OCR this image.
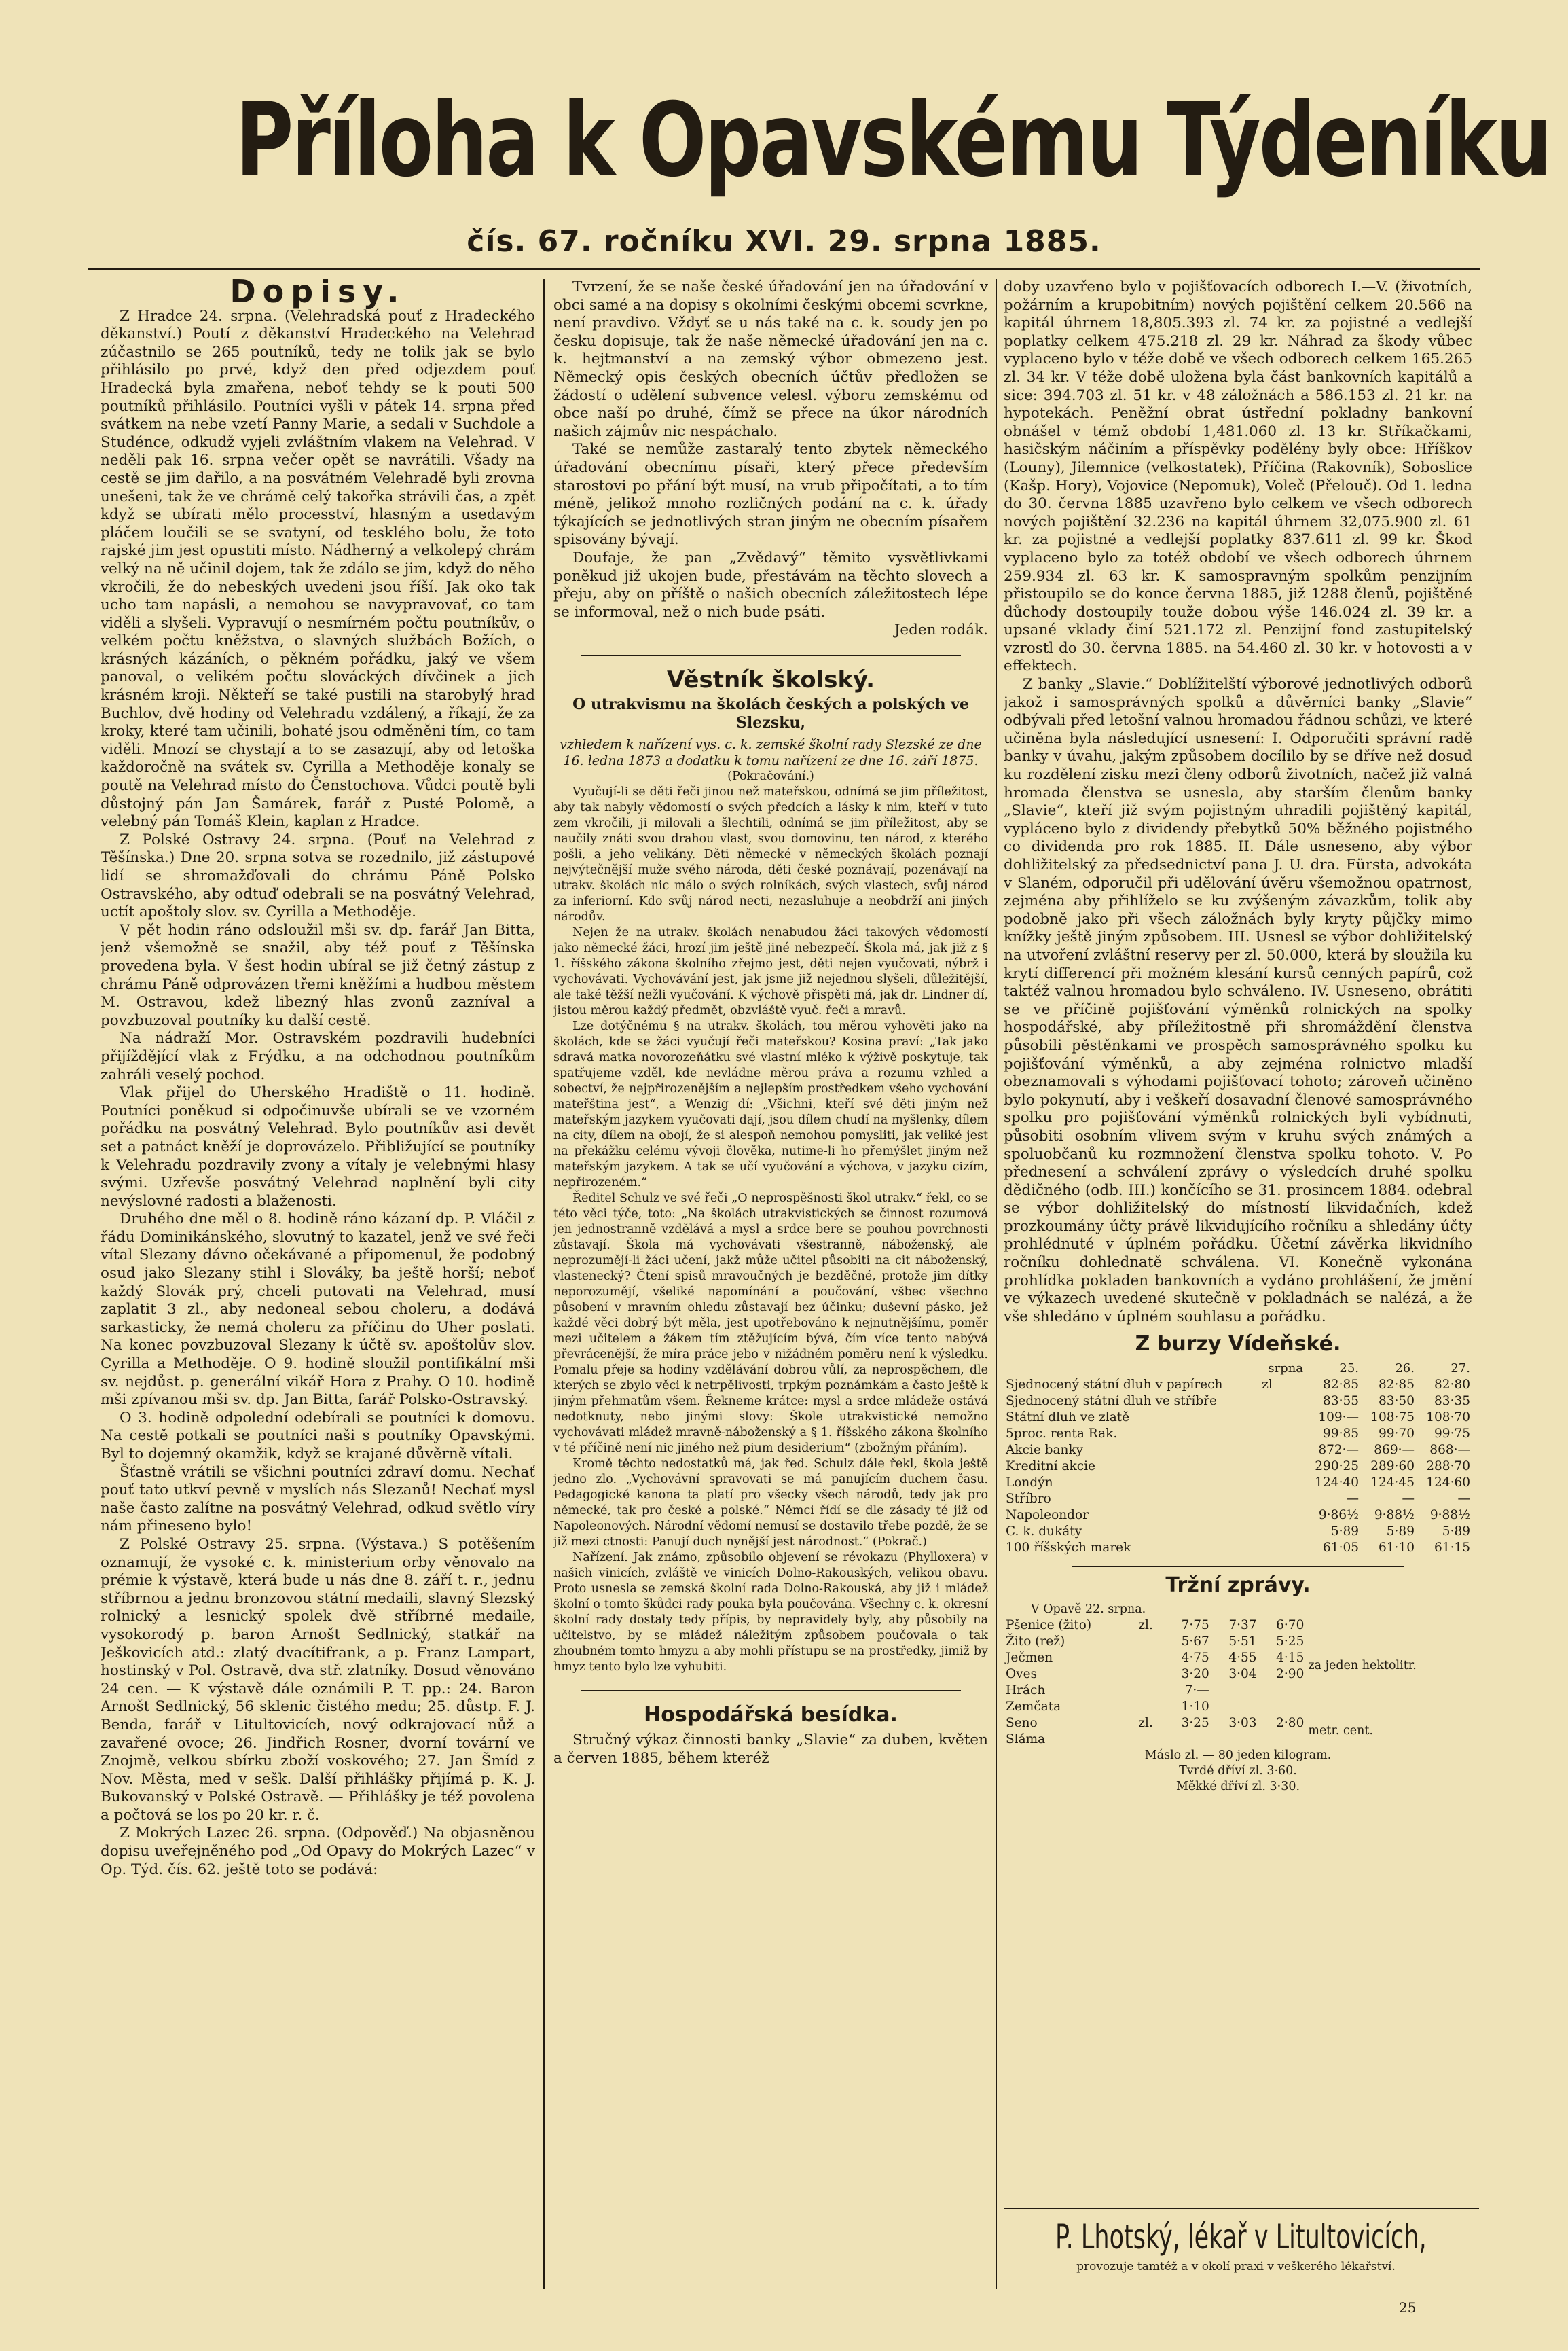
Příloha k Opavskému Týdeníku
čís. 67. ročníku XVI. 29. srpna 1885.
Dopisy.

Z Hradce 24. srpna. (Velehradská pouť z Hradeckého děkanství.) Poutí z děkanství Hradeckého na Velehrad zúčastnilo se 265 poutníků, tedy ne tolik jak se bylo přihlásilo po prvé, když den před odjezdem pouť Hradecká byla zmařena, neboť tehdy se k pouti 500 poutníků přihlásilo. Poutníci vyšli v pátek 14. srpna před svátkem na nebe vzetí Panny Marie, a sedali v Suchdole a Studénce, odkudž vyjeli zvláštním vlakem na Velehrad. V neděli pak 16. srpna večer opět se navrátili. Všady na cestě se jim dařilo, a na posvátném Velehradě byli zrovna unešeni, tak že ve chrámě celý takořka strávili čas, a zpět když se ubírati mělo procesství, hlasným a usedavým pláčem loučili se se svatyní, od tesklého bolu, že toto rajské jim jest opustiti místo. Nádherný a velkolepý chrám velký na ně učinil dojem, tak že zdálo se jim, když do něho vkročili, že do nebeských uvedeni jsou říší. Jak oko tak ucho tam napásli, a nemohou se navypravovať, co tam viděli a slyšeli. Vypravují o nesmírném počtu poutníkův, o velkém počtu kněžstva, o slavných službách Božích, o krásných kázáních, o pěkném pořádku, jaký ve všem panoval, o velikém počtu slováckých dívčinek a jich krásném kroji. Někteří se také pustili na starobylý hrad Buchlov, dvě hodiny od Velehradu vzdálený, a říkají, že za kroky, které tam učinili, bohaté jsou odměněni tím, co tam viděli. Mnozí se chystají a to se zasazují, aby od letoška každoročně na svátek sv. Cyrilla a Methoděje konaly se poutě na Velehrad místo do Čenstochova. Vůdci poutě byli důstojný pán Jan Šamárek, farář z Pusté Polomě, a velebný pán Tomáš Klein, kaplan z Hradce.

Z Polské Ostravy 24. srpna. (Pouť na Velehrad z Těšínska.) Dne 20. srpna sotva se rozednilo, již zástupové lidí se shromažďovali do chrámu Páně Polsko Ostravského, aby odtuď odebrali se na posvátný Velehrad, uctít apoštoly slov. sv. Cyrilla a Methoděje.

V pět hodin ráno odsloužil mši sv. dp. farář Jan Bitta, jenž všemožně se snažil, aby též pouť z Těšínska provedena byla. V šest hodin ubíral se již četný zástup z chrámu Páně odprovázen třemi kněžími a hudbou městem M. Ostravou, kdež libezný hlas zvonů zazníval a povzbuzoval poutníky ku další cestě.

Na nádraží Mor. Ostravském pozdravili hudebníci přijíždějící vlak z Frýdku, a na odchodnou poutníkům zahráli veselý pochod.

Vlak přijel do Uherského Hradiště o 11. hodině. Poutníci poněkud si odpočinuvše ubírali se ve vzorném pořádku na posvátný Velehrad. Bylo poutníkův asi devět set a patnáct kněží je doprovázelo. Přibližující se poutníky k Velehradu pozdravily zvony a vítaly je velebnými hlasy svými. Uzřevše posvátný Velehrad naplnění byli city nevýslovné radosti a blaženosti.

Druhého dne měl o 8. hodině ráno kázaní dp. P. Vláčil z řádu Dominikánského, slovutný to kazatel, jenž ve své řeči vítal Slezany dávno očekávané a připomenul, že podobný osud jako Slezany stihl i Slováky, ba ještě horší; neboť každý Slovák prý, chceli putovati na Velehrad, musí zaplatit 3 zl., aby nedoneal sebou choleru, a dodává sarkasticky, že nemá choleru za příčinu do Uher poslati. Na konec povzbuzoval Slezany k účtě sv. apoštolův slov. Cyrilla a Methoděje. O 9. hodině sloužil pontifikální mši sv. nejdůst. p. generální vikář Hora z Prahy. O 10. hodině mši zpívanou mši sv. dp. Jan Bitta, farář Polsko-Ostravský.

O 3. hodině odpolední odebírali se poutníci k domovu. Na cestě potkali se poutníci naši s poutníky Opavskými. Byl to dojemný okamžik, když se krajané důvěrně vítali.

Šťastně vrátili se všichni poutníci zdraví domu. Nechať pouť tato utkví pevně v myslích nás Slezanů! Nechať mysl naše často zalítne na posvátný Velehrad, odkud světlo víry nám přineseno bylo!

Z Polské Ostravy 25. srpna. (Výstava.) S potěšením oznamují, že vysoké c. k. ministerium orby věnovalo na prémie k výstavě, která bude u nás dne 8. září t. r., jednu stříbrnou a jednu bronzovou státní medaili, slavný Slezský rolnický a lesnický spolek dvě stříbrné medaile, vysokorodý p. baron Arnošt Sedlnický, statkář na Ješkovicích atd.: zlatý dvacítifrank, a p. Franz Lampart, hostinský v Pol. Ostravě, dva stř. zlatníky. Dosud věnováno 24 cen. — K výstavě dále oznámili P. T. pp.: 24. Baron Arnošt Sedlnický, 56 sklenic čistého medu; 25. důstp. F. J. Benda, farář v Litultovicích, nový odkrajovací nůž a zavařené ovoce; 26. Jindřich Rosner, dvorní tovární ve Znojmě, velkou sbírku zboží voskového; 27. Jan Šmíd z Nov. Města, med v sešk. Další přihlášky přijímá p. K. J. Bukovanský v Polské Ostravě. — Přihlášky je též povolena a počtová se los po 20 kr. r. č.

Z Mokrých Lazec 26. srpna. (Odpověď.) Na objasněnou dopisu uveřejněného pod „Od Opavy do Mokrých Lazec“ v Op. Týd. čís. 62. ještě toto se podává:

Tvrzení, že se naše české úřadování jen na úřadování v obci samé a na dopisy s okolními českými obcemi scvrkne, není pravdivo. Vždyť se u nás také na c. k. soudy jen po česku dopisuje, tak že naše německé úřadování jen na c. k. hejtmanství a na zemský výbor obmezeno jest. Německý opis českých obecních účtův předložen se žádostí o udělení subvence velesl. výboru zemskému od obce naší po druhé, čímž se přece na úkor národních našich zájmův nic nespáchalo.

Také se nemůže zastaralý tento zbytek německého úřadování obecnímu písaři, který přece především starostovi po přání být musí, na vrub připočítati, a to tím méně, jelikož mnoho rozličných podání na c. k. úřady týkajících se jednotlivých stran jiným ne obecním písařem spisovány bývají.

Doufaje, že pan „Zvědavý“ těmito vysvětlivkami poněkud již ukojen bude, přestávám na těchto slovech a přeju, aby on příště o našich obecních záležitostech lépe se informoval, než o nich bude psáti.

Jeden rodák.
Věstník školský.
O utrakvismu na školách českých a polských ve Slezsku,
vzhledem k nařízení vys. c. k. zemské školní rady Slezské ze dne 16. ledna 1873 a dodatku k tomu nařízení ze dne 16. září 1875.
(Pokračování.)

Vyučují-li se děti řeči jinou než mateřskou, odnímá se jim příležitost, aby tak nabyly vědomostí o svých předcích a lásky k nim, kteří v tuto zem vkročili, ji milovali a šlechtili, odnímá se jim příležitost, aby se naučily znáti svou drahou vlast, svou domovinu, ten národ, z kterého pošli, a jeho velikány. Děti německé v německých školách poznají nejvýtečnější muže svého národa, děti české poznávají, pozenávají na utrakv. školách nic málo o svých rolníkách, svých vlastech, svůj národ za inferiorní. Kdo svůj národ necti, nezasluhuje a neobdrží ani jiných národův.

Nejen že na utrakv. školách nenabudou žáci takových vědomostí jako německé žáci, hrozí jim ještě jiné nebezpečí. Škola má, jak již z § 1. říšského zákona školního zřejmo jest, děti nejen vyučovati, nýbrž i vychovávati. Vychovávání jest, jak jsme již nejednou slyšeli, důležitější, ale také těžší nežli vyučování. K výchově přispěti má, jak dr. Lindner dí, jistou měrou každý předmět, obzvláště vyuč. řeči a mravů.

Lze dotýčnému § na utrakv. školách, tou měrou vyhověti jako na školách, kde se žáci vyučují řeči mateřskou? Kosina praví: „Tak jako sdravá matka novorozeňátku své vlastní mléko k výživě poskytuje, tak spatřujeme vzděl, kde nevládne měrou práva a rozumu vzhled a sobectví, že nejpřirozenějším a nejlepším prostředkem všeho vychování mateřština jest“, a Wenzig dí: „Všichni, kteří své děti jiným než mateřským jazykem vyučovati dají, jsou dílem chudí na myšlenky, dílem na city, dílem na obojí, že si alespoň nemohou pomysliti, jak veliké jest na překážku celému vývoji člověka, nutime-li ho přemýšlet jiným než mateřským jazykem. A tak se učí vyučování a výchova, v jazyku cizím, nepřirozeném.“

Ředitel Schulz ve své řeči „O neprospěšnosti škol utrakv.“ řekl, co se této věci týče, toto: „Na školách utrakvistických se činnost rozumová jen jednostranně vzdělává a mysl a srdce bere se pouhou povrchnosti zůstavají. Škola má vychovávati všestranně, náboženský, ale neprozumějí-li žáci učení, jakž může učitel působiti na cit náboženský, vlastenecký? Čtení spisů mravoučných je bezděčné, protože jim dítky neporozumějí, všeliké napomínání a poučování, všbec všechno působení v mravním ohledu zůstavají bez účinku; duševní pásko, jež každé věci dobrý být měla, jest upotřebováno k nejnutnějšímu, poměr mezi učitelem a žákem tím ztěžujícím bývá, čím více tento nabývá převrácenější, že míra práce jebo v nižádném poměru není k výsledku. Pomalu přeje sa hodiny vzdělávání dobrou vůlí, za neprospěchem, dle kterých se zbylo věci k netrpělivosti, trpkým poznámkám a často ještě k jiným přehmatům všem. Řekneme krátce: mysl a srdce mládeže ostává nedotknuty, nebo jinými slovy: Škole utrakvistické nemožno vychovávati mládež mravně-náboženský a § 1. říšského zákona školního v té příčině není nic jiného než pium desiderium“ (zbožným přáním).

Kromě těchto nedostatků má, jak řed. Schulz dále řekl, škola ještě jedno zlo. „Vychovávní spravovati se má panujícím duchem času. Pedagogické kanona ta platí pro všecky všech národů, tedy jak pro německé, tak pro české a polské.“ Němci řídí se dle zásady té již od Napoleonových. Národní vědomí nemusí se dostavilo třebe pozdě, že se již mezi ctnosti: Panují duch nynější jest národnost.“ (Pokrač.)

Nařízení. Jak známo, způsobilo objevení se révokazu (Phylloxera) v našich vinicích, zvláště ve vinicích Dolno-Rakouských, velikou obavu. Proto usnesla se zemská školní rada Dolno-Rakouská, aby již i mládež školní o tomto škůdci rady pouka byla poučována. Všechny c. k. okresní školní rady dostaly tedy přípis, by nepravidely byly, aby působily na učitelstvo, by se mládež náležitým způsobem poučovala o tak zhoubném tomto hmyzu a aby mohli přístupu se na prostředky, jimiž by hmyz tento bylo lze vyhubiti.

Hospodářská besídka.

Stručný výkaz činnosti banky „Slavie“ za duben, květen a červen 1885, během kteréž

doby uzavřeno bylo v pojišťovacích odborech I.—V. (životních, požárním a krupobitním) nových pojištění celkem 20.566 na kapitál úhrnem 18,805.393 zl. 74 kr. za pojistné a vedlejší poplatky celkem 475.218 zl. 29 kr. Náhrad za škody vůbec vyplaceno bylo v téže době ve všech odborech celkem 165.265 zl. 34 kr. V téže době uložena byla část bankovních kapitálů a sice: 394.703 zl. 51 kr. v 48 záložnách a 586.153 zl. 21 kr. na hypotekách. Peněžní obrat ústřední pokladny bankovní obnášel v témž období 1,481.060 zl. 13 kr. Stříkačkami, hasičským náčiním a příspěvky podělény byly obce: Hříškov (Louny), Jilemnice (velkostatek), Příčina (Rakovník), Soboslice (Kašp. Hory), Vojovice (Nepomuk), Voleč (Přelouč). Od 1. ledna do 30. června 1885 uzavřeno bylo celkem ve všech odborech nových pojištění 32.236 na kapitál úhrnem 32,075.900 zl. 61 kr. za pojistné a vedlejší poplatky 837.611 zl. 99 kr. Škod vyplaceno bylo za totéž období ve všech odborech úhrnem 259.934 zl. 63 kr. K samospravným spolkům penzijním přistoupilo se do konce června 1885, již 1288 členů, pojištěné důchody dostoupily touže dobou výše 146.024 zl. 39 kr. a upsané vklady činí 521.172 zl. Penzijní fond zastupitelský vzrostl do 30. června 1885. na 54.460 zl. 30 kr. v hotovosti a v effektech.

Z banky „Slavie.“ Doblížitelští výborové jednotlivých odborů jakož i samosprávných spolků a důvěrníci banky „Slavie“ odbývali před letošní valnou hromadou řádnou schůzi, ve které učiněna byla následující usnesení: I. Odporučiti správní radě banky v úvahu, jakým způsobem docílilo by se dříve než dosud ku rozdělení zisku mezi členy odborů životních, načež již valná hromada členstva se usnesla, aby starším členům banky „Slavie“, kteří již svým pojistným uhradili pojištěný kapitál, vypláceno bylo z dividendy přebytků 50% běžného pojistného co dividenda pro rok 1885. II. Dále usneseno, aby výbor dohližitelský za předsednictví pana J. U. dra. Fürsta, advokáta v Slaném, odporučil při udělování úvěru všemožnou opatrnost, zejména aby přihlíželo se ku zvýšeným závazkům, tolik aby podobně jako při všech záložnách byly kryty půjčky mimo knížky ještě jiným způsobem. III. Usnesl se výbor dohližitelský na utvoření zvláštní reservy per zl. 50.000, která by sloužila ku krytí differencí při možném klesání kursů cenných papírů, což taktéž valnou hromadou bylo schváleno. IV. Usneseno, obrátiti se ve příčině pojišťování výměnků rolnických na spolky hospodářské, aby příležitostně při shromáždění členstva působili pěstěnkami ve prospěch samosprávného spolku ku pojišťování výměnků, a aby zejména rolnictvo mladší obeznamovali s výhodami pojišťovací tohoto; zároveň učiněno bylo pokynutí, aby i veškeří dosavadní členové samosprávného spolku pro pojišťování výměnků rolnických byli vybídnuti, působiti osobním vlivem svým v kruhu svých známých a spoluobčanů ku rozmnožení členstva spolku tohoto. V. Po přednesení a schválení zprávy o výsledcích druhé spolku dědičného (odb. III.) končícího se 31. prosincem 1884. odebral se výbor dohližitelský do místností likvidačních, kdež prozkoumány účty právě likvidujícího ročníku a shledány účty prohlédnuté v úplném pořádku. Účetní závěrka likvidního ročníku dohlednatě schválena. VI. Konečně vykonána prohlídka pokladen bankovních a vydáno prohlášení, že jmění ve výkazech uvedené skutečně v pokladnách se nalézá, a že vše shledáno v úplném souhlasu a pořádku.

Z burzy Vídeňské.
	srpna	25.	26.	27.
Sjednocený státní dluh v papírech	zl	82·85	82·85	82·80
Sjednocený státní dluh ve stříbře		83·55	83·50	83·35
Státní dluh ve zlatě		109·—	108·75	108·70
5proc. renta Rak.		99·85	99·70	99·75
Akcie banky		872·—	869·—	868·—
Kreditní akcie		290·25	289·60	288·70
Londýn		124·40	124·45	124·60
Stříbro		—	—	—
Napoleondor		9·86½	9·88½	9·88½
C. k. dukáty		5·89	5·89	5·89
100 říšských marek		61·05	61·10	61·15
Tržní zprávy.
V Opavě 22. srpna.
Pšenice (žito)	zl.	7·75	7·37	6·70	za jeden hektolitr.
Žito (rež)		5·67	5·51	5·25	
Ječmen		4·75	4·55	4·15	
Oves		3·20	3·04	2·90	
Hrách		7·—			
Zemčata		1·10			
Seno	zl.	3·25	3·03	2·80	metr. cent.
Sláma					
Máslo zl. — 80 jeden kilogram.
Tvrdé dříví zl. 3·60.
Měkké dříví zl. 3·30.
P. Lhotský, lékař v Litultovicích,
provozuje tamtéž a v okolí praxi v veškerého lékařství.
25
